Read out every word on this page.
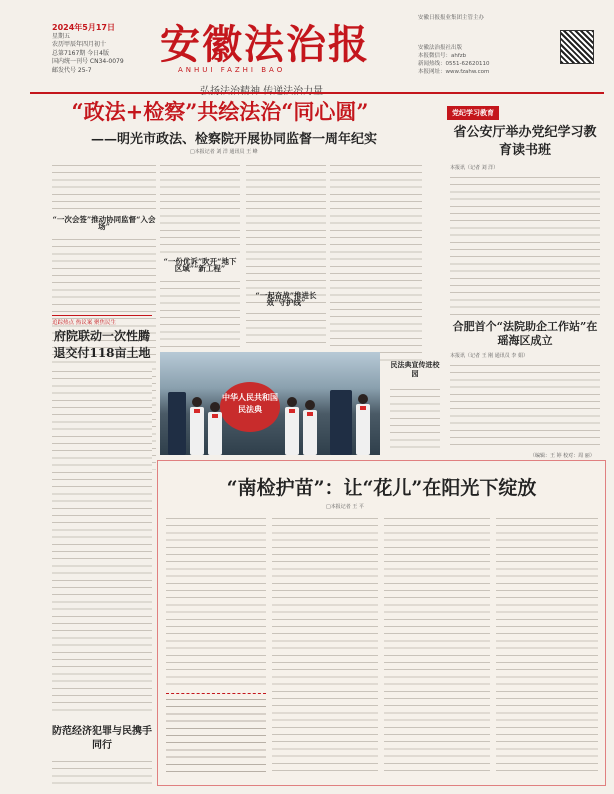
2024年5月17日
星期五
农历甲辰年四月初十
总第7167期 今日4版
国内统一刊号 CN34-0079
邮发代号 25-7
安徽法治报
ANHUI FAZHI BAO
安徽日报报业集团主管主办
安徽法治报社出版
本报微信号：ahfzb
新闻热线：0551-62620110
本报网址：www.fzahw.com
“政法+检察”共绘法治“同心圆”
——明光市政法、检察院开展协同监督一周年纪实
□本报记者 刘 洋 通讯员 王 峰
“一次会签”推动协同监督“入会场”
“一份优诉”吹开“地下区域”“新工程”
“一起奋战”推进长效“守护线”
党纪学习教育
省公安厅举办党纪学习教育读书班
本报讯（记者 刘 洋）
合肥首个“法院助企工作站”在瑶海区成立
本报讯（记者 王 刚 通讯员 李 娟）
（编辑：王 婷 校对：周 丽）
追踪热点 热议案 聚焦民生
府院联动一次性腾退交付118亩土地
防范经济犯罪与民携手同行
中华人民共和国民法典
民法典宣传进校园
“南检护苗”：让“花儿”在阳光下绽放
□本报记者 王 平
